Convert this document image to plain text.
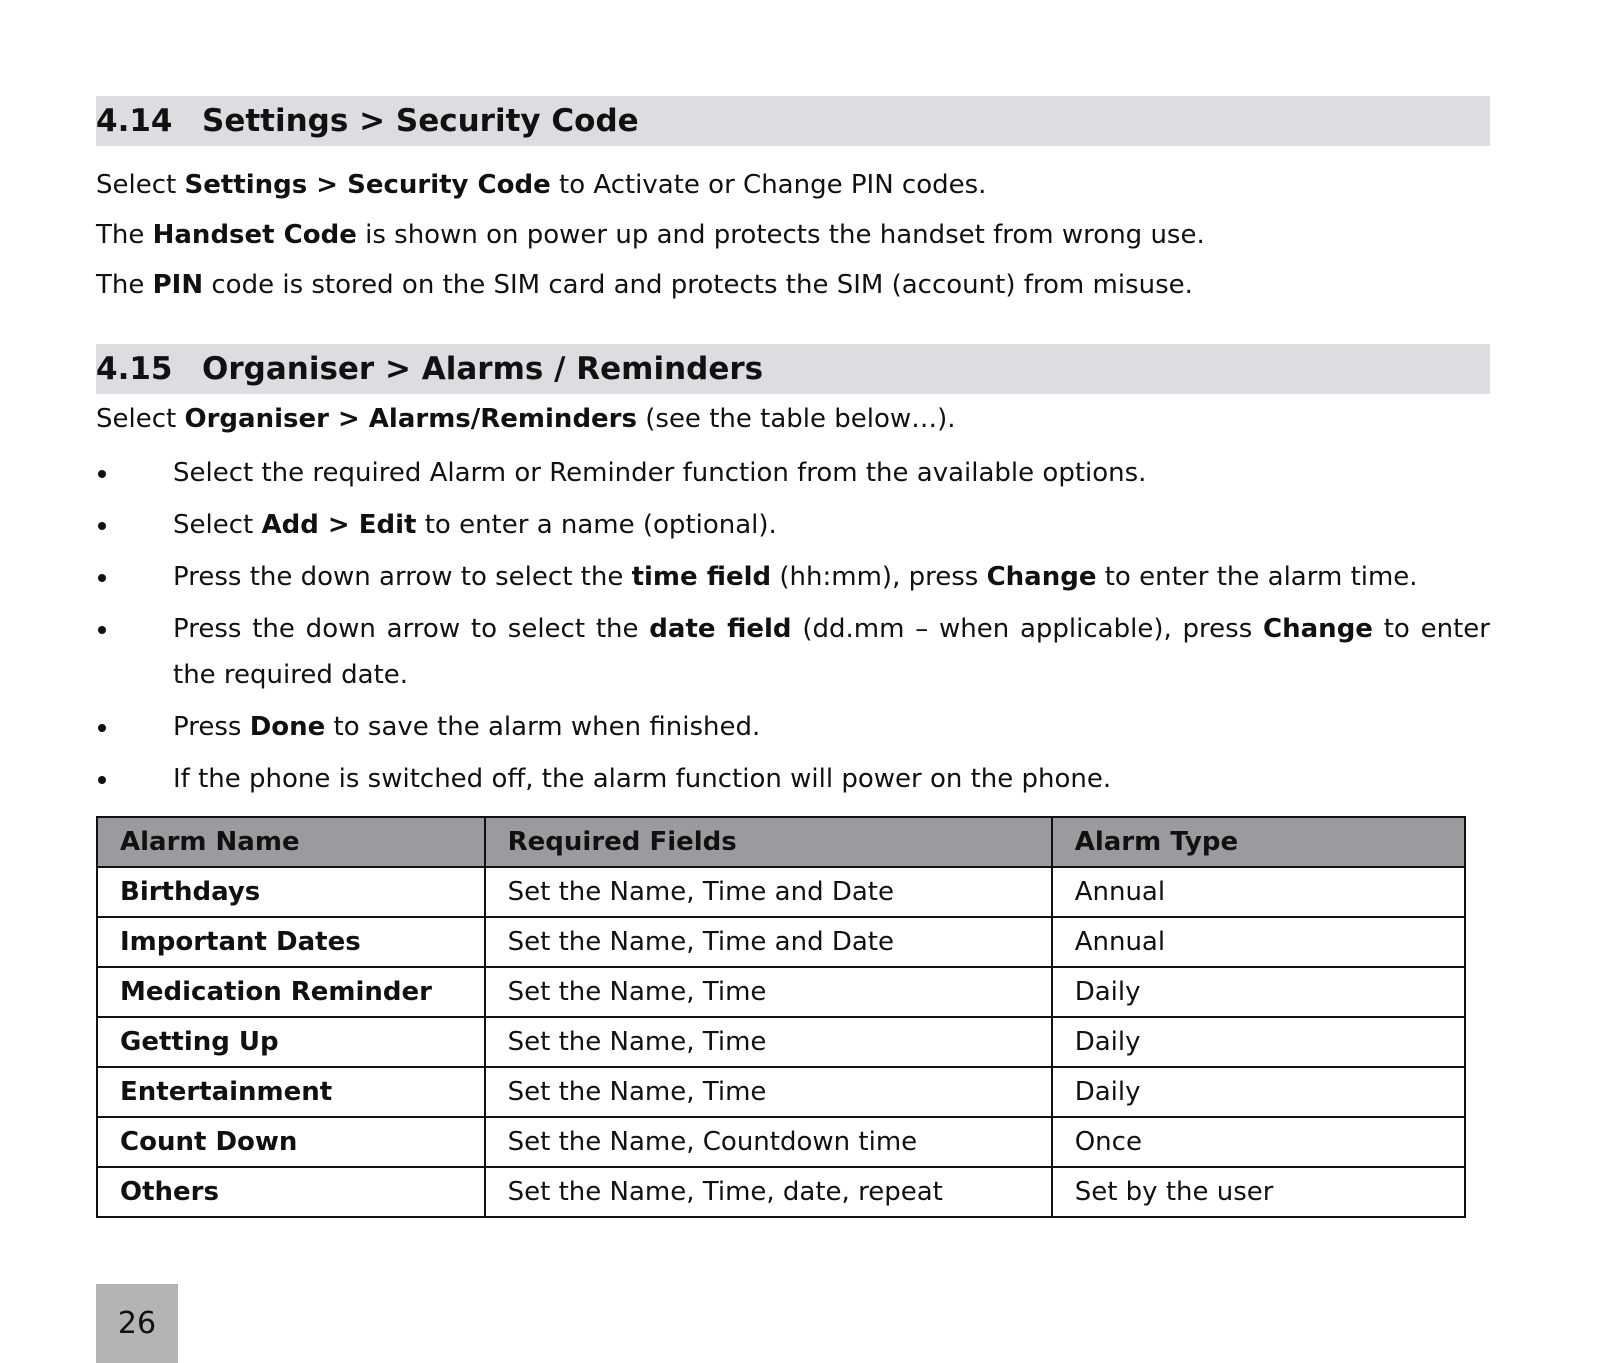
4.14 Settings > Security Code

Select Settings > Security Code to Activate or Change PIN codes.

The Handset Code is shown on power up and protects the handset from wrong use.

The PIN code is stored on the SIM card and protects the SIM (account) from misuse.

4.15 Organiser > Alarms / Reminders

Select Organiser > Alarms/Reminders (see the table below…).

Select the required Alarm or Reminder function from the available options.
Select Add > Edit to enter a name (optional).
Press the down arrow to select the time field (hh:mm), press Change to enter the alarm time.
Press the down arrow to select the date field (dd.mm – when applicable), press Change to enter the required date.
Press Done to save the alarm when finished.
If the phone is switched off, the alarm function will power on the phone.
Alarm Name	Required Fields	Alarm Type
Birthdays	Set the Name, Time and Date	Annual
Important Dates	Set the Name, Time and Date	Annual
Medication Reminder	Set the Name, Time	Daily
Getting Up	Set the Name, Time	Daily
Entertainment	Set the Name, Time	Daily
Count Down	Set the Name, Countdown time	Once
Others	Set the Name, Time, date, repeat	Set by the user
26
